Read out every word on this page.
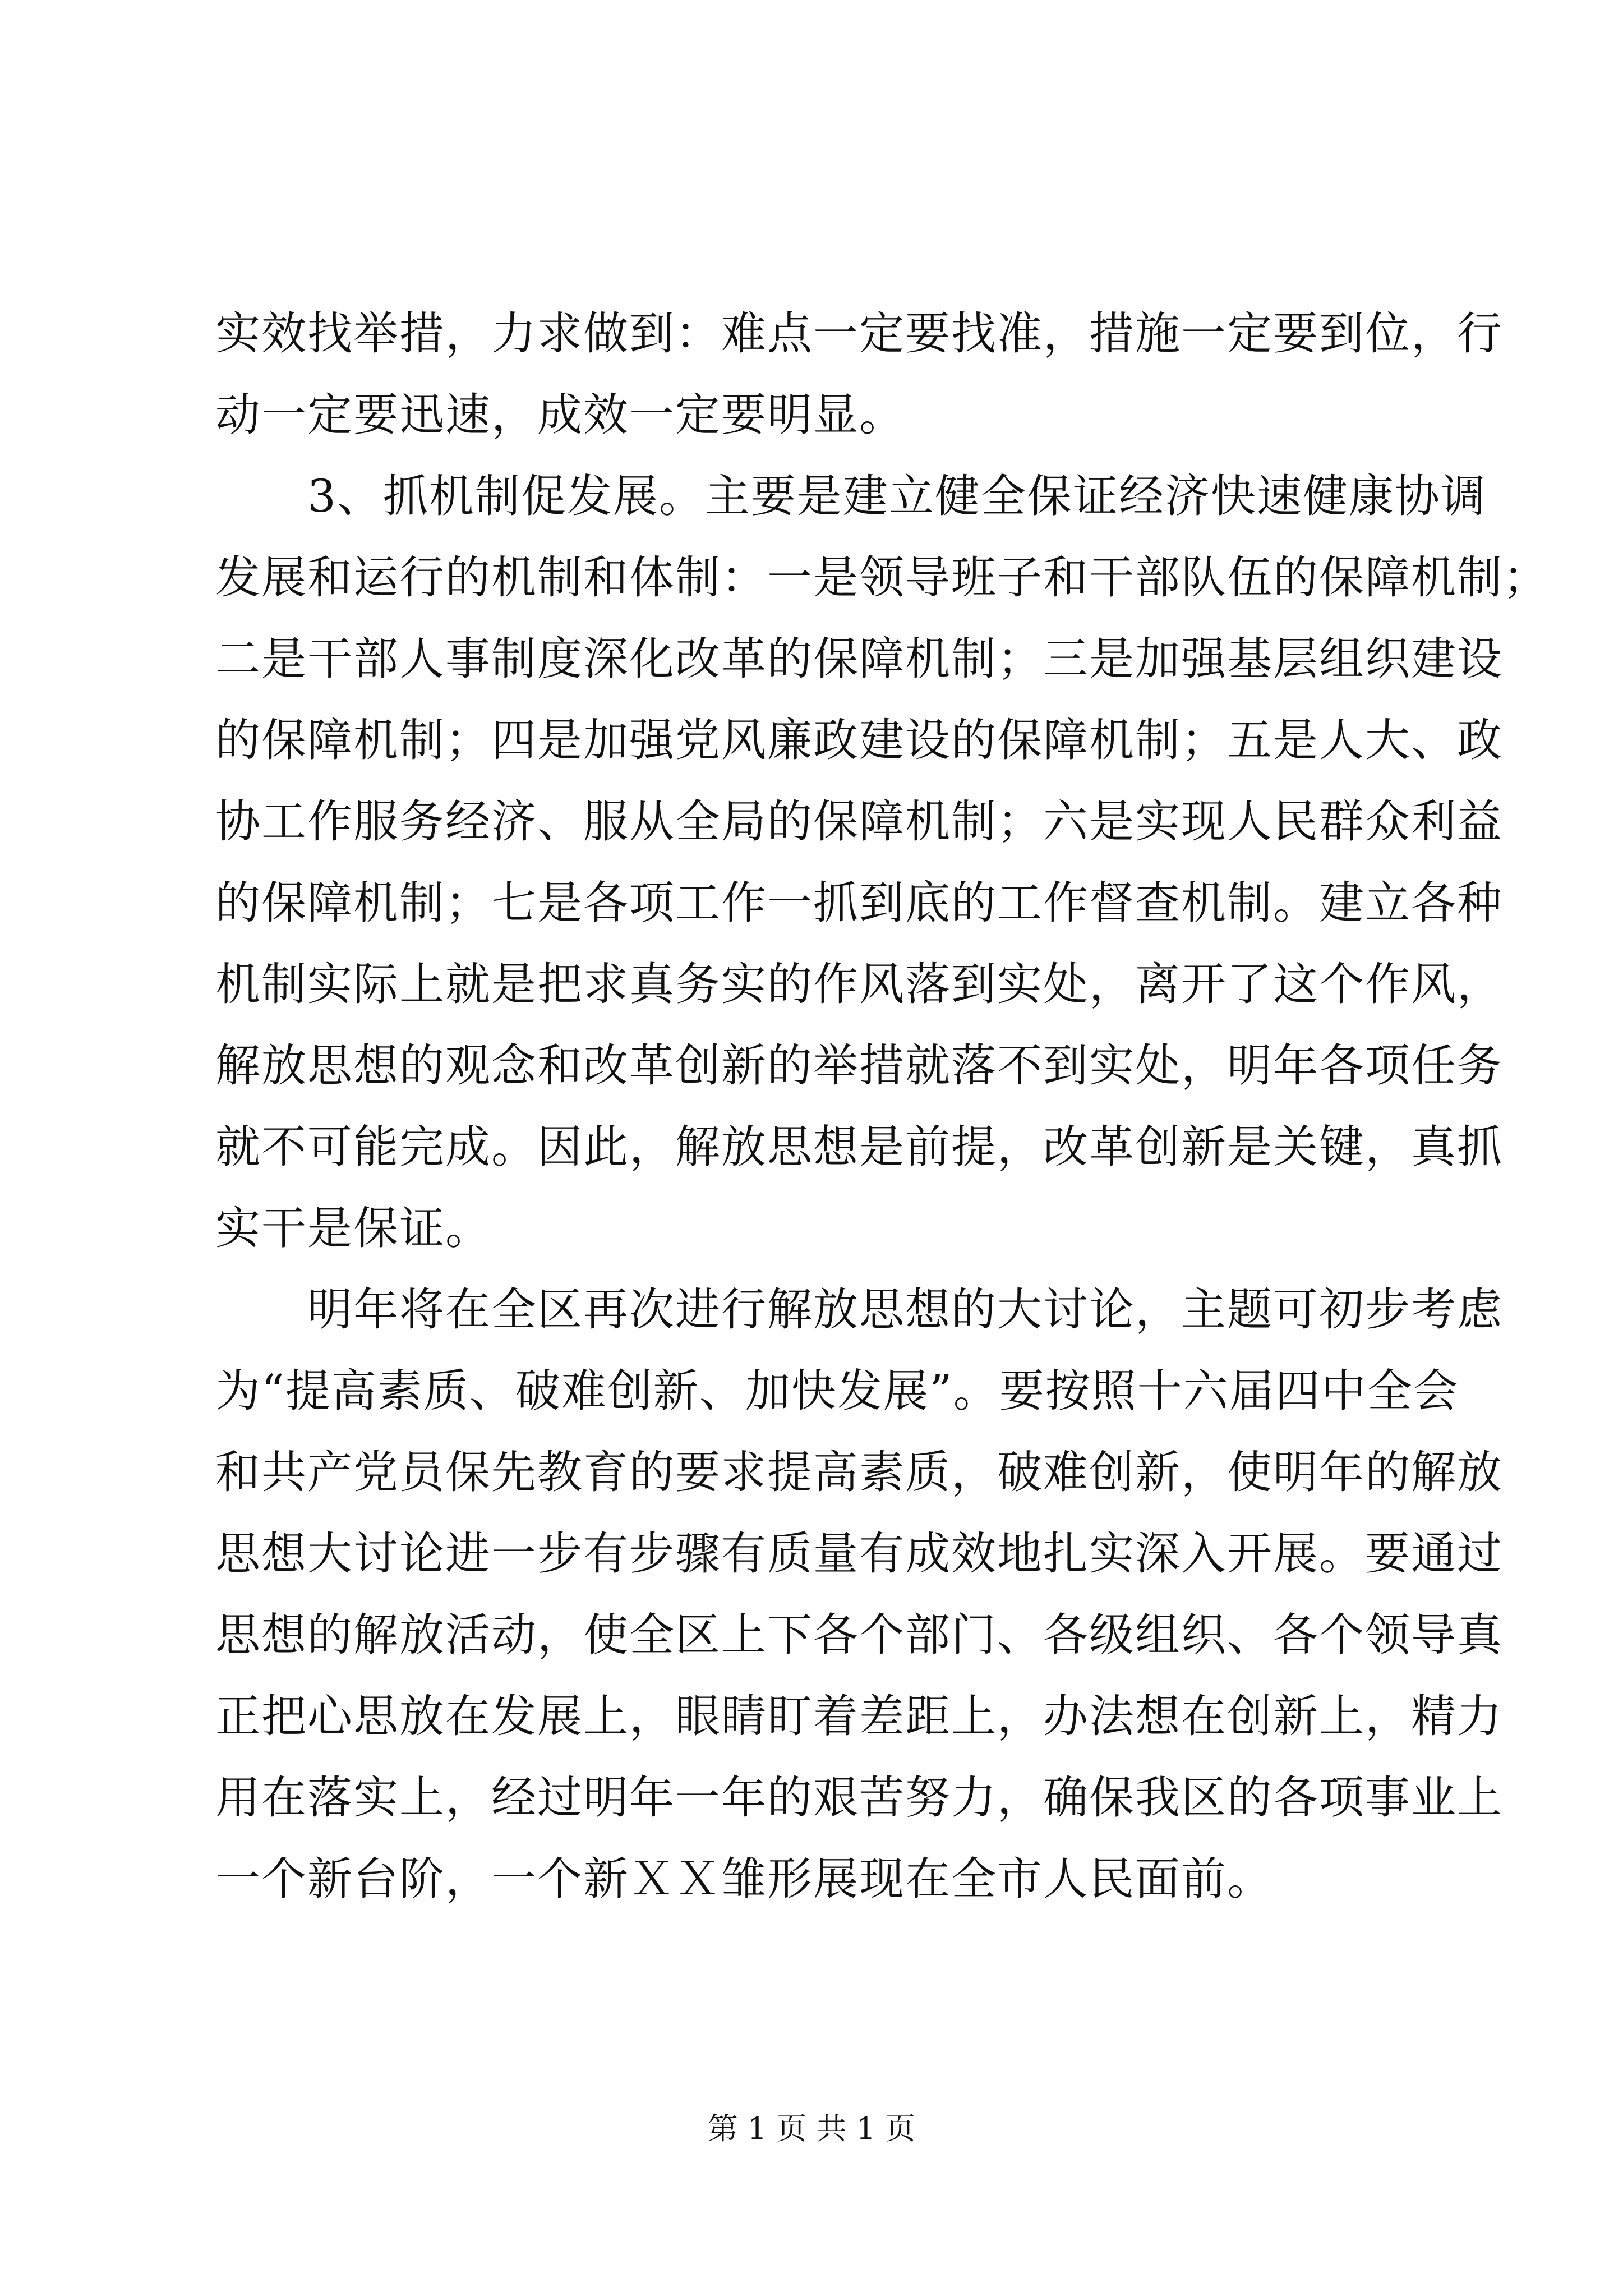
实效找举措，力求做到：难点一定要找准，措施一定要到位，行
动一定要迅速，成效一定要明显。
　　3、抓机制促发展。主要是建立健全保证经济快速健康协调
发展和运行的机制和体制：一是领导班子和干部队伍的保障机制；
二是干部人事制度深化改革的保障机制；三是加强基层组织建设
的保障机制；四是加强党风廉政建设的保障机制；五是人大、政
协工作服务经济、服从全局的保障机制；六是实现人民群众利益
的保障机制；七是各项工作一抓到底的工作督查机制。建立各种
机制实际上就是把求真务实的作风落到实处，离开了这个作风，
解放思想的观念和改革创新的举措就落不到实处，明年各项任务
就不可能完成。因此，解放思想是前提，改革创新是关键，真抓
实干是保证。
　　明年将在全区再次进行解放思想的大讨论，主题可初步考虑
为“提高素质、破难创新、加快发展”。要按照十六届四中全会
和共产党员保先教育的要求提高素质，破难创新，使明年的解放
思想大讨论进一步有步骤有质量有成效地扎实深入开展。要通过
思想的解放活动，使全区上下各个部门、各级组织、各个领导真
正把心思放在发展上，眼睛盯着差距上，办法想在创新上，精力
用在落实上，经过明年一年的艰苦努力，确保我区的各项事业上
一个新台阶，一个新ＸＸ雏形展现在全市人民面前。
第 1 页 共 1 页
